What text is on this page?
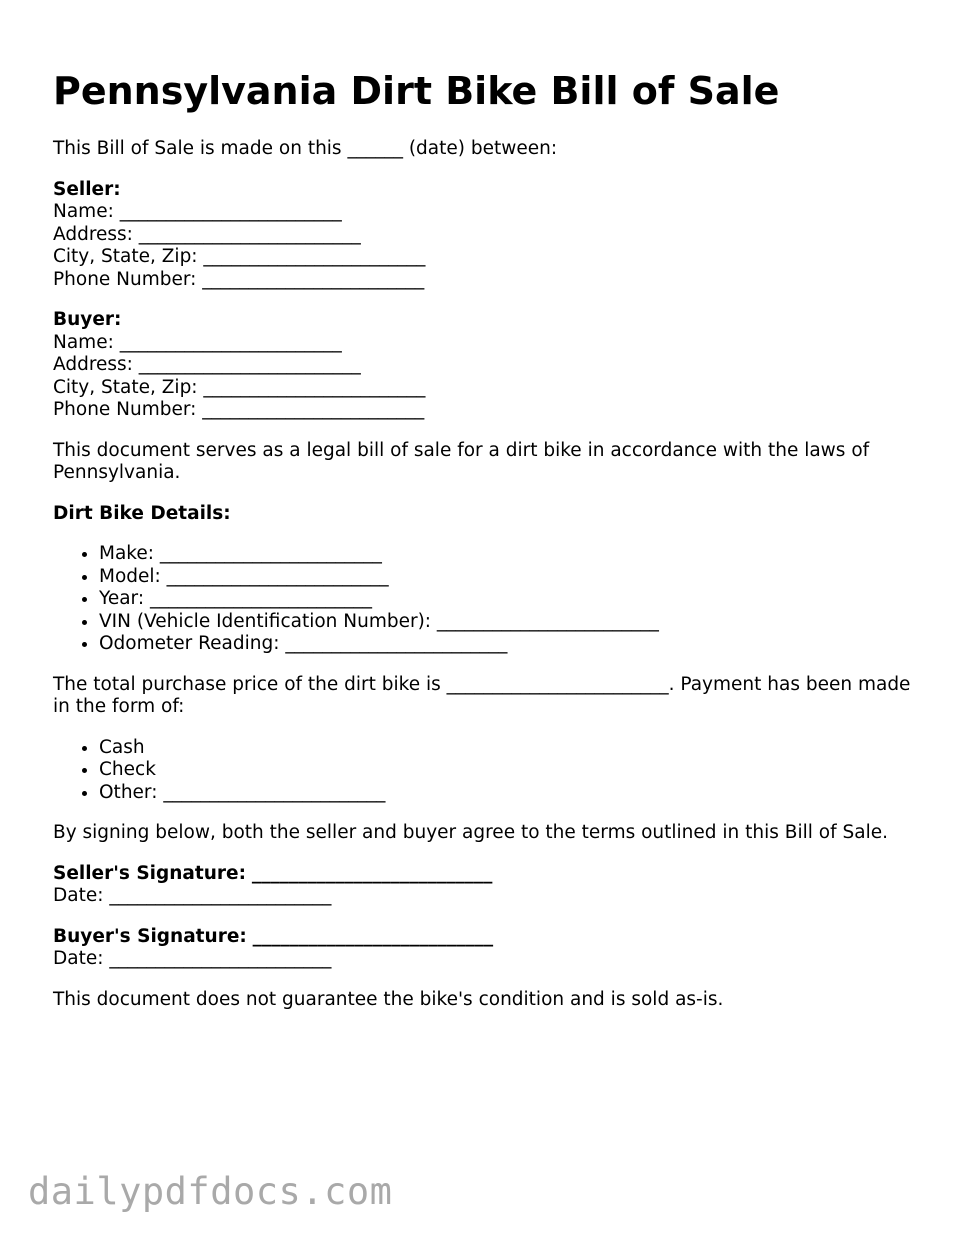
Pennsylvania Dirt Bike Bill of Sale

This Bill of Sale is made on this ______ (date) between:

Seller:
Name: ________________________
Address: ________________________
City, State, Zip: ________________________
Phone Number: ________________________
Buyer:
Name: ________________________
Address: ________________________
City, State, Zip: ________________________
Phone Number: ________________________

This document serves as a legal bill of sale for a dirt bike in accordance with the laws of Pennsylvania.

Dirt Bike Details:
• Make: ________________________
• Model: ________________________
• Year: ________________________
• VIN (Vehicle Identification Number): ________________________
• Odometer Reading: ________________________

The total purchase price of the dirt bike is ________________________. Payment has been made in the form of:

• Cash
• Check
• Other: ________________________

By signing below, both the seller and buyer agree to the terms outlined in this Bill of Sale.

Seller's Signature: __________________________
Date: ________________________
Buyer's Signature: __________________________
Date: ________________________

This document does not guarantee the bike's condition and is sold as-is.

dailypdfdocs.com
